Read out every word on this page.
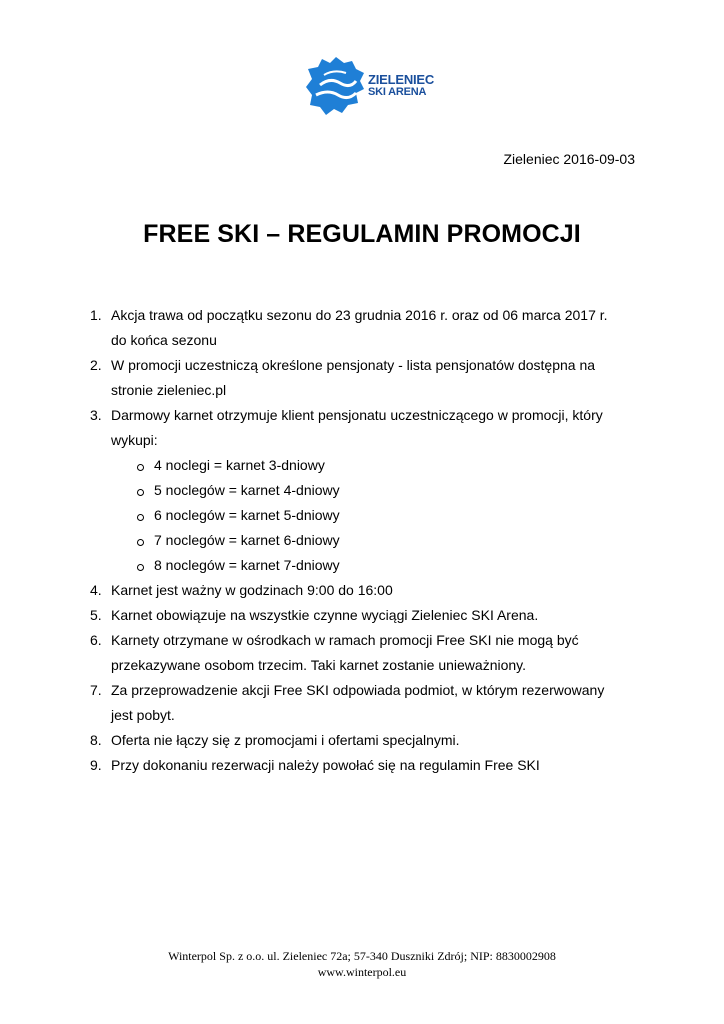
ZIELENIEC
SKI ARENA
Zieleniec 2016-09-03
FREE SKI – REGULAMIN PROMOCJI
1. Akcja trawa od początku sezonu do 23 grudnia 2016 r. oraz od 06 marca 2017 r.
do końca sezonu
2. W promocji uczestniczą określone pensjonaty - lista pensjonatów dostępna na
stronie zieleniec.pl
3. Darmowy karnet otrzymuje klient pensjonatu uczestniczącego w promocji, który
wykupi:
4 noclegi = karnet 3-dniowy
5 noclegów = karnet 4-dniowy
6 noclegów = karnet 5-dniowy
7 noclegów = karnet 6-dniowy
8 noclegów = karnet 7-dniowy
4. Karnet jest ważny w godzinach 9:00 do 16:00
5. Karnet obowiązuje na wszystkie czynne wyciągi Zieleniec SKI Arena.
6. Karnety otrzymane w ośrodkach w ramach promocji Free SKI nie mogą być
przekazywane osobom trzecim. Taki karnet zostanie unieważniony.
7. Za przeprowadzenie akcji Free SKI odpowiada podmiot, w którym rezerwowany
jest pobyt.
8. Oferta nie łączy się z promocjami i ofertami specjalnymi.
9. Przy dokonaniu rezerwacji należy powołać się na regulamin Free SKI
Winterpol Sp. z o.o. ul. Zieleniec 72a; 57-340 Duszniki Zdrój; NIP: 8830002908
www.winterpol.eu
